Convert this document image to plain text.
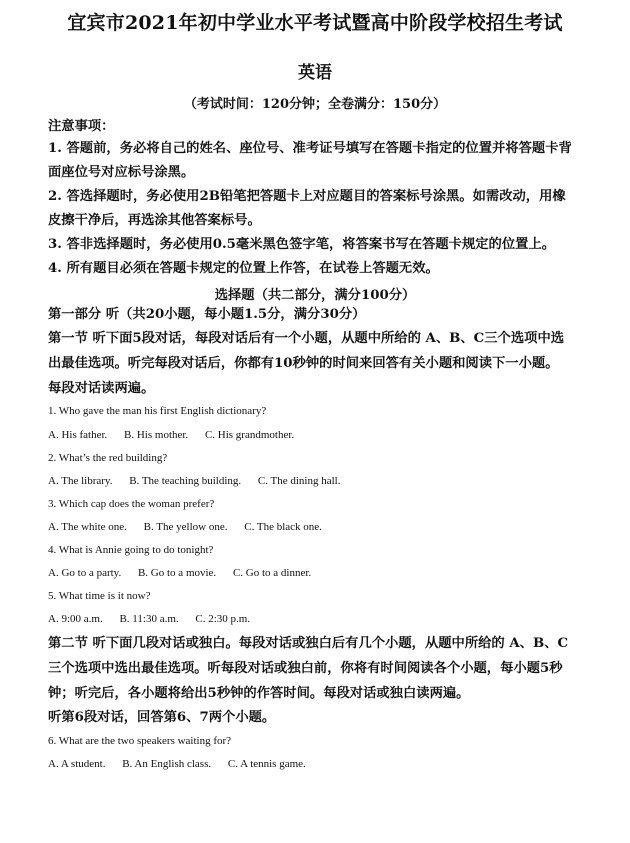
宜宾市2021年初中学业水平考试暨高中阶段学校招生考试
英语
（考试时间：120分钟；全卷满分：150分）
注意事项：
1. 答题前，务必将自己的姓名、座位号、准考证号填写在答题卡指定的位置并将答题卡背
面座位号对应标号涂黑。
2. 答选择题时，务必使用2B铅笔把答题卡上对应题目的答案标号涂黑。如需改动，用橡
皮擦干净后，再选涂其他答案标号。
3. 答非选择题时，务必使用0.5毫米黑色签字笔，将答案书写在答题卡规定的位置上。
4. 所有题目必须在答题卡规定的位置上作答，在试卷上答题无效。
选择题（共二部分，满分100分）
第一部分 听（共20小题，每小题1.5分，满分30分）
第一节 听下面5段对话，每段对话后有一个小题，从题中所给的 A、B、C三个选项中选
出最佳选项。听完每段对话后，你都有10秒钟的时间来回答有关小题和阅读下一小题。
每段对话读两遍。
1. Who gave the man his first English dictionary?
A. His father. B. His mother. C. His grandmother.
2. What’s the red building?
A. The library. B. The teaching building. C. The dining hall.
3. Which cap does the woman prefer?
A. The white one. B. The yellow one. C. The black one.
4. What is Annie going to do tonight?
A. Go to a party. B. Go to a movie. C. Go to a dinner.
5. What time is it now?
A. 9:00 a.m. B. 11:30 a.m. C. 2:30 p.m.
第二节 听下面几段对话或独白。每段对话或独白后有几个小题，从题中所给的 A、B、C
三个选项中选出最佳选项。听每段对话或独白前，你将有时间阅读各个小题，每小题5秒
钟；听完后，各小题将给出5秒钟的作答时间。每段对话或独白读两遍。
听第6段对话，回答第6、7两个小题。
6. What are the two speakers waiting for?
A. A student. B. An English class. C. A tennis game.
